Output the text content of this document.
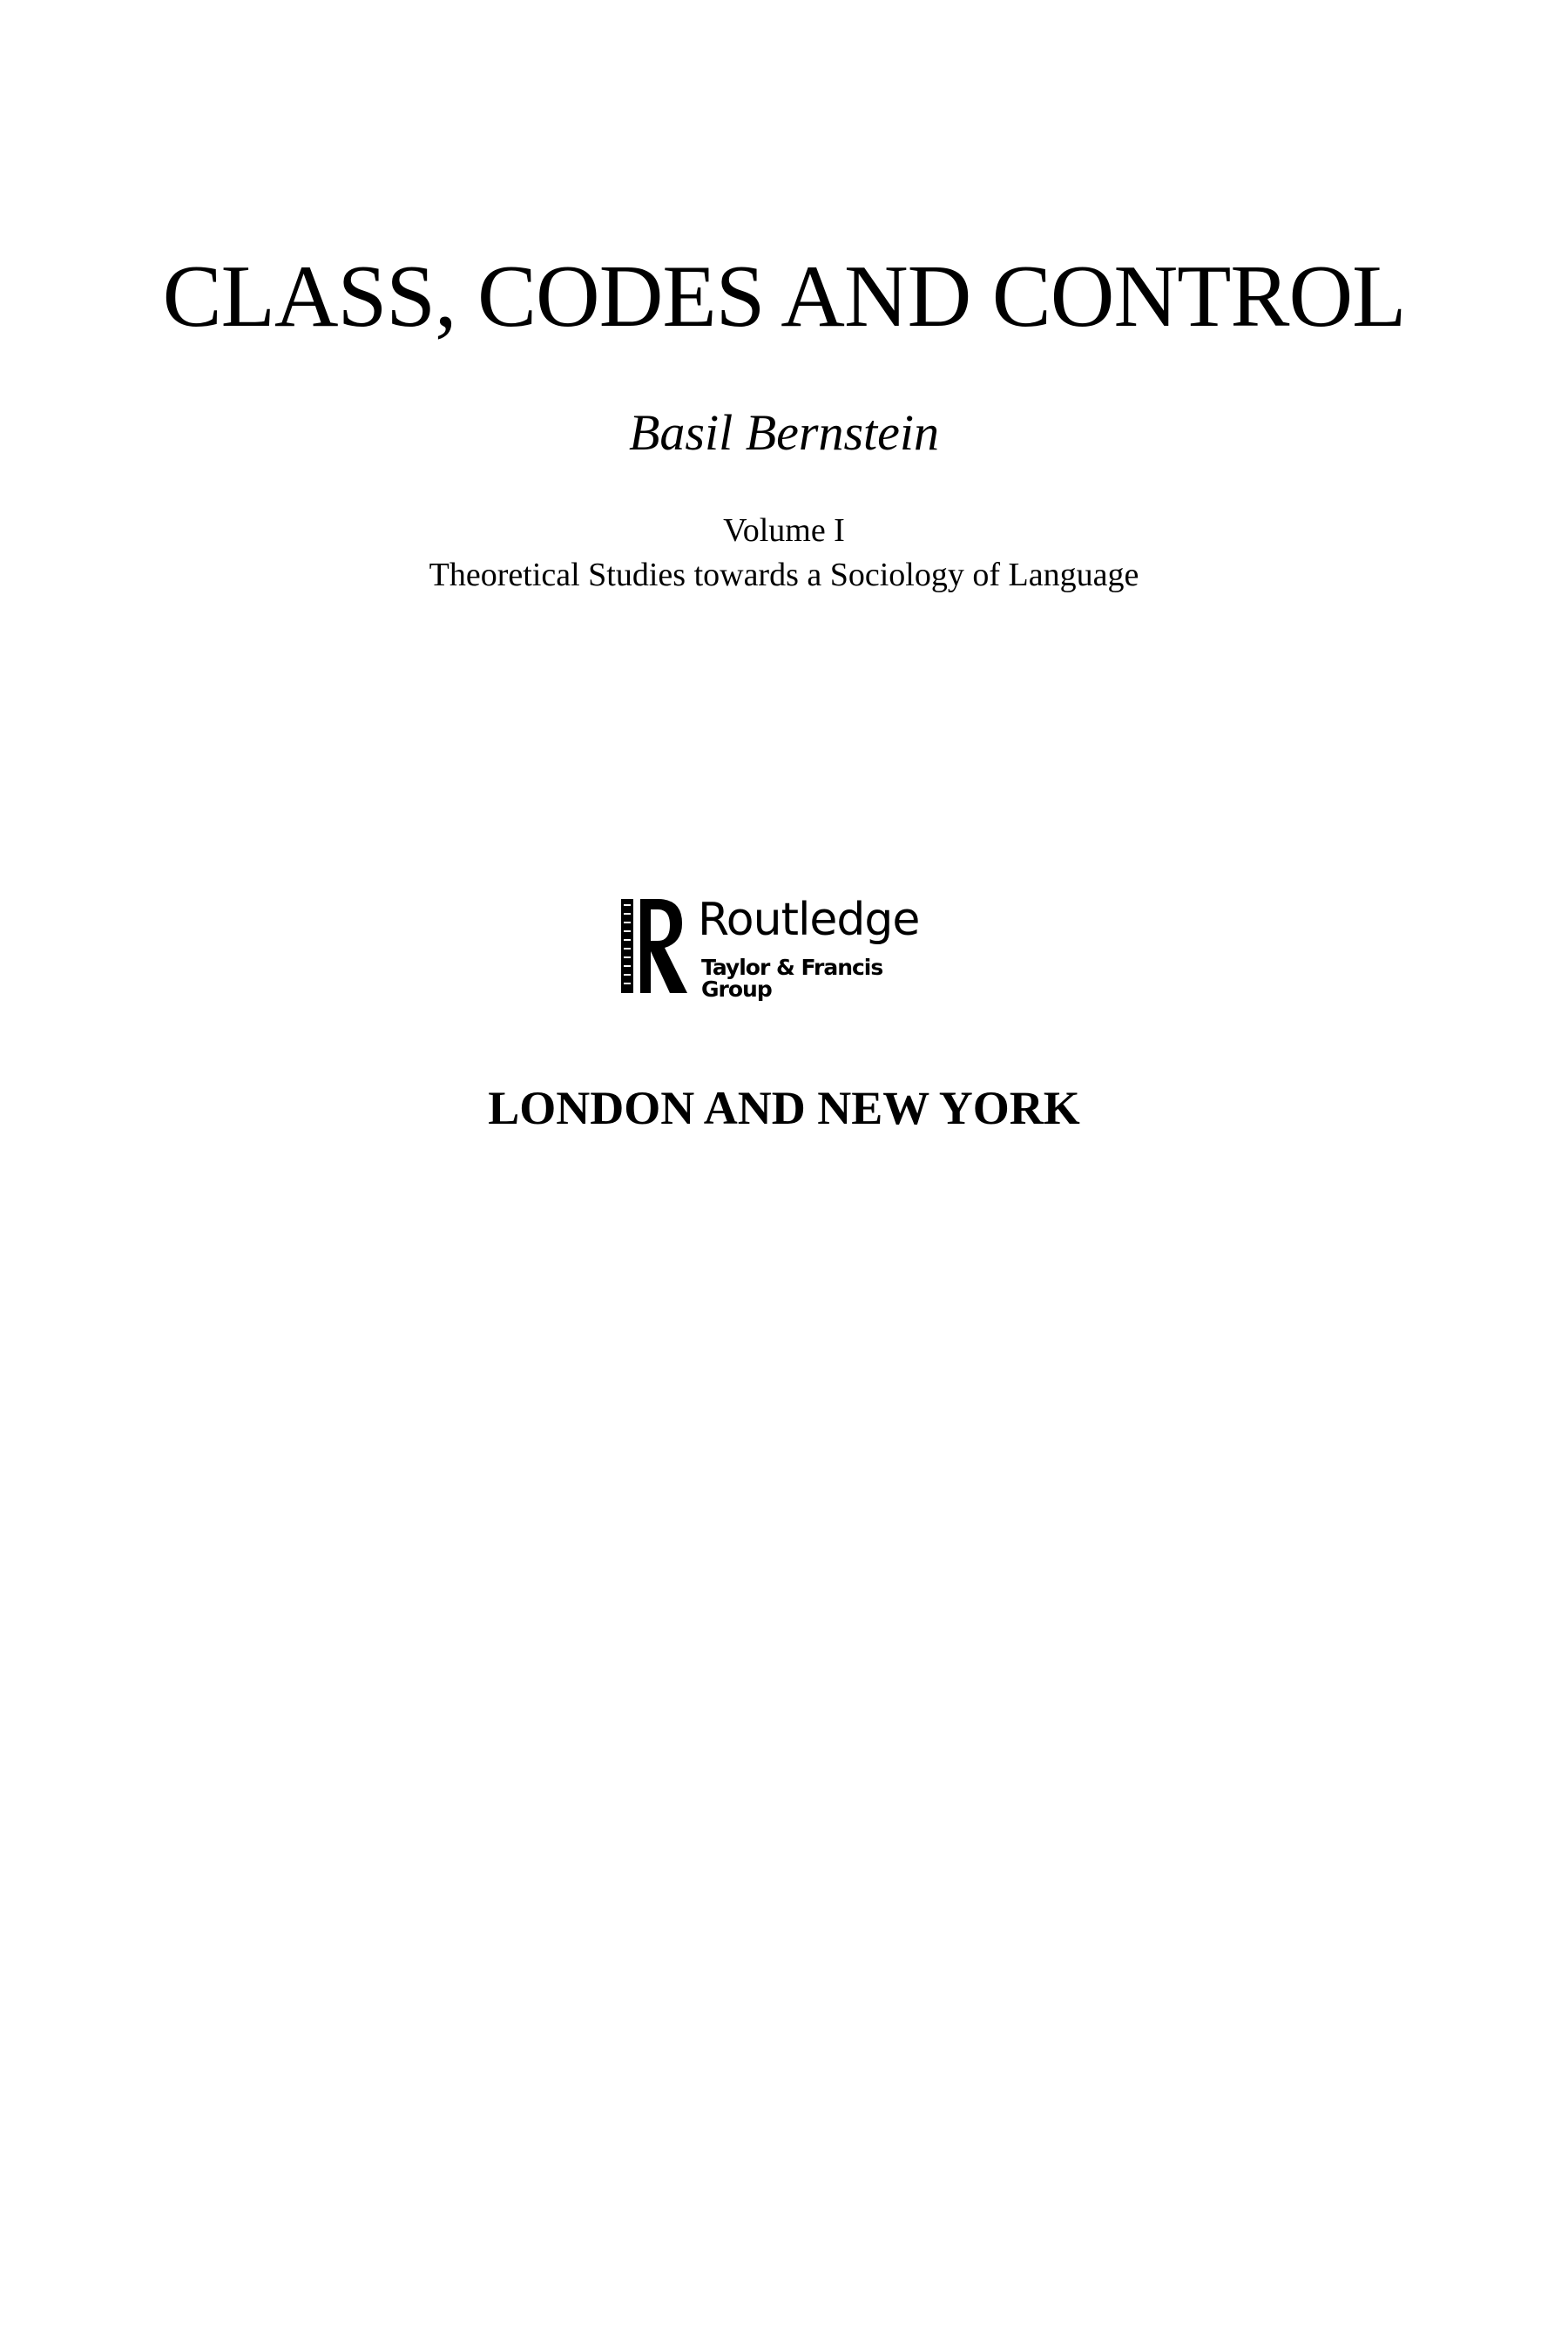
CLASS, CODES AND CONTROL
Basil Bernstein
Volume I
Theoretical Studies towards a Sociology of Language
Routledge
Taylor & Francis Group
LONDON AND NEW YORK
